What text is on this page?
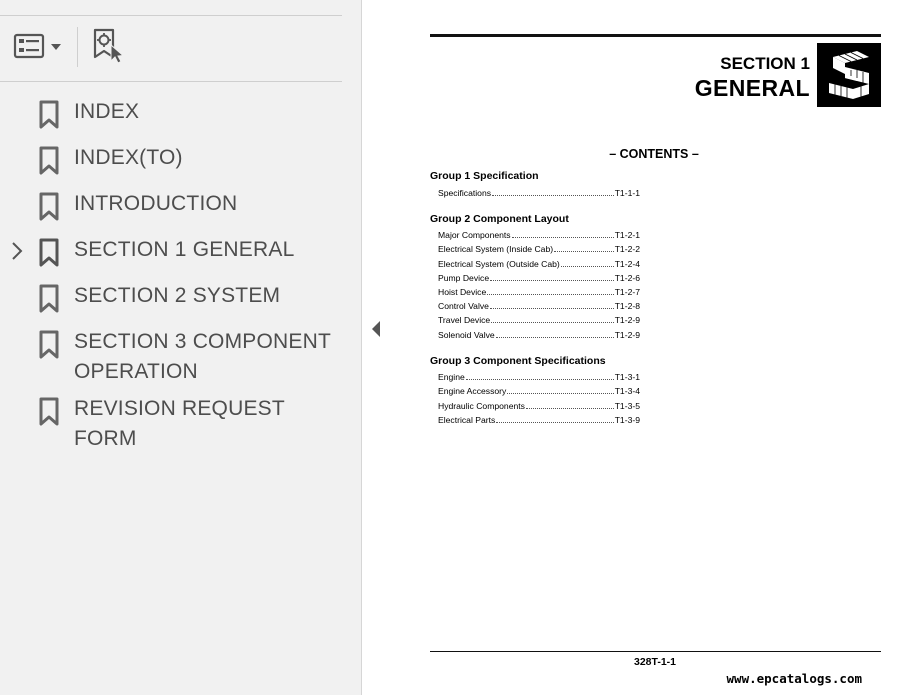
INDEX
INDEX(TO)
INTRODUCTION
SECTION 1 GENERAL
SECTION 2 SYSTEM
SECTION 3 COMPONENT OPERATION
REVISION REQUEST FORM
SECTION 1
GENERAL
– CONTENTS –
Group 1 Specification
Specifications	T1-1-1
Group 2 Component Layout
Major Components	T1-2-1
Electrical System (Inside Cab)	T1-2-2
Electrical System (Outside Cab)	T1-2-4
Pump Device	T1-2-6
Hoist Device	T1-2-7
Control Valve	T1-2-8
Travel Device	T1-2-9
Solenoid Valve	T1-2-9
Group 3 Component Specifications
Engine	T1-3-1
Engine Accessory	T1-3-4
Hydraulic Components	T1-3-5
Electrical Parts	T1-3-9
328T-1-1
www.epcatalogs.com
